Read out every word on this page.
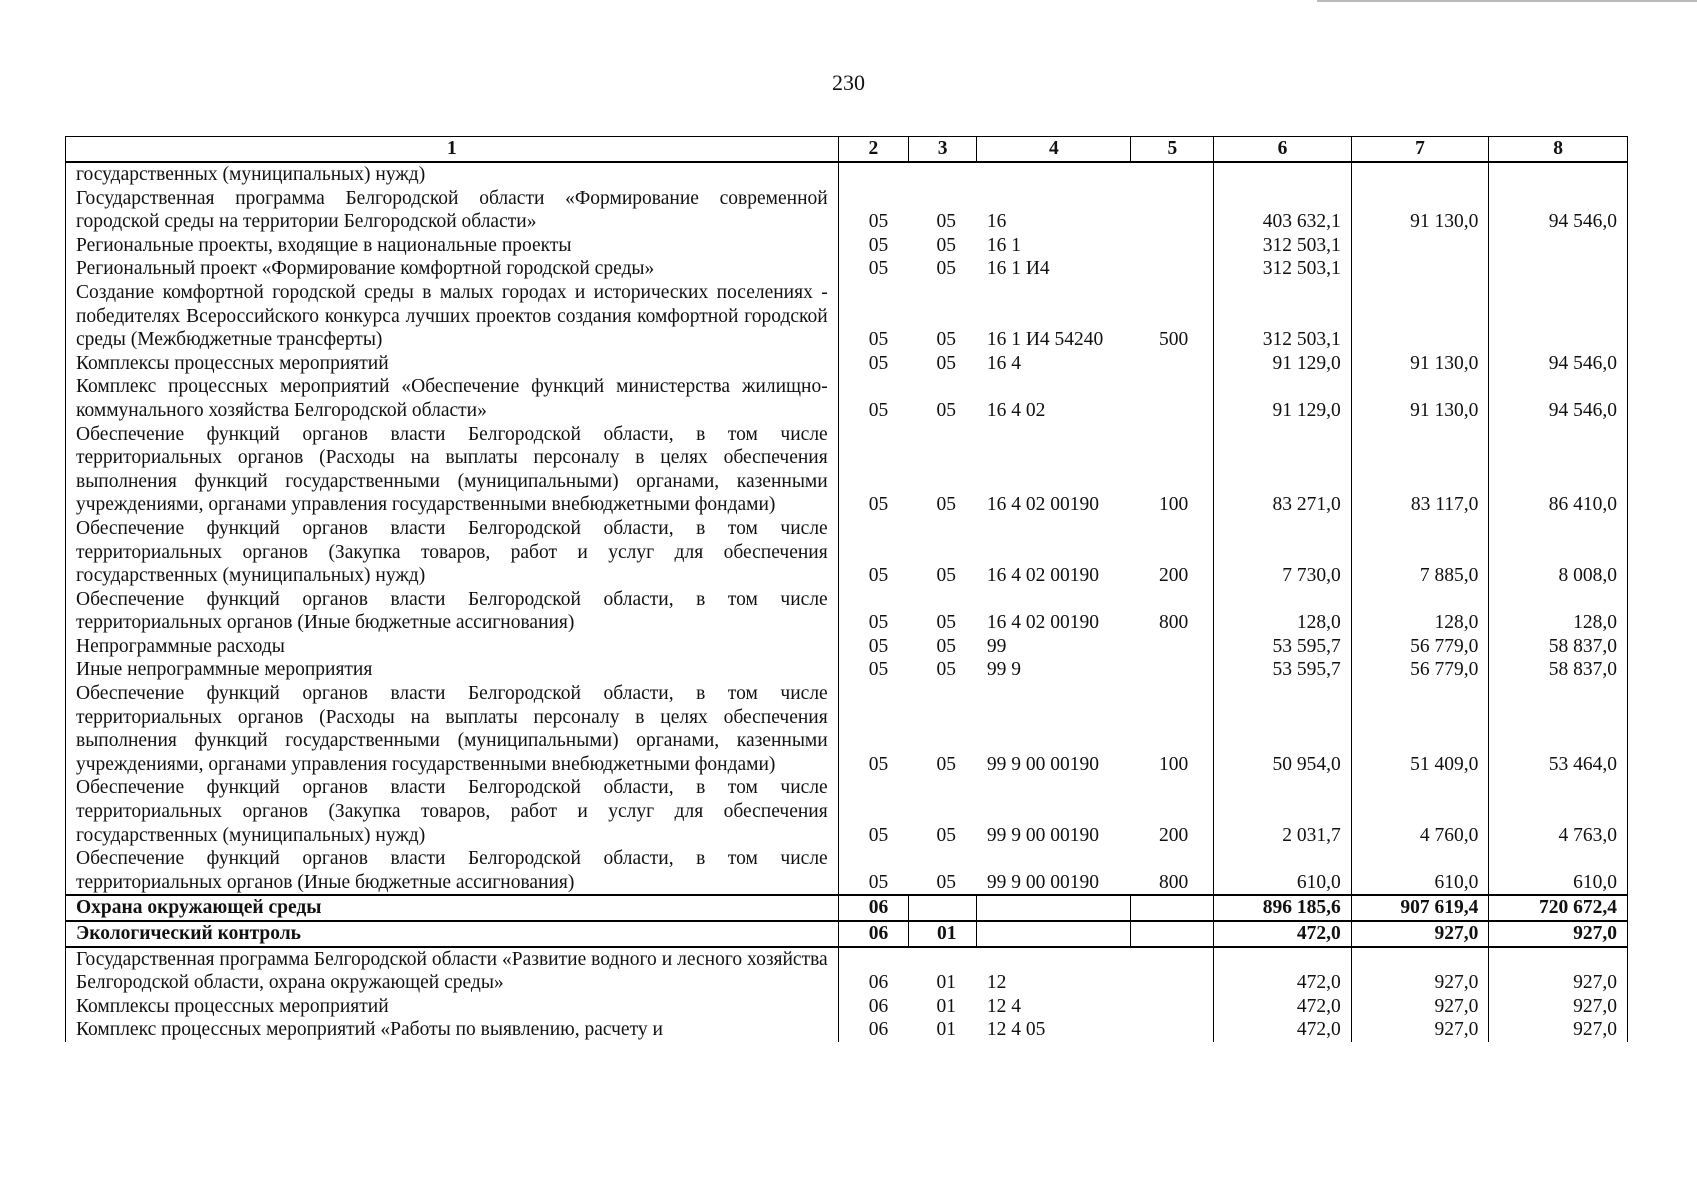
230
1	2	3	4	5	6	7	8
государственных (муниципальных) нужд)							
Государственная программа Белгородской области «Формирование современной городской среды на территории Белгородской области»	05	05	16		403 632,1	91 130,0	94 546,0
Региональные проекты, входящие в национальные проекты	05	05	16 1		312 503,1		
Региональный проект «Формирование комфортной городской среды»	05	05	16 1 И4		312 503,1		
Создание комфортной городской среды в малых городах и исторических поселениях - победителях Всероссийского конкурса лучших проектов создания комфортной городской среды (Межбюджетные трансферты)	05	05	16 1 И4 54240	500	312 503,1		
Комплексы процессных мероприятий	05	05	16 4		91 129,0	91 130,0	94 546,0
Комплекс процессных мероприятий «Обеспечение функций министерства жилищно-коммунального хозяйства Белгородской области»	05	05	16 4 02		91 129,0	91 130,0	94 546,0
Обеспечение функций органов власти Белгородской области, в том числе территориальных органов (Расходы на выплаты персоналу в целях обеспечения выполнения функций государственными (муниципальными) органами, казенными учреждениями, органами управления государственными внебюджетными фондами)	05	05	16 4 02 00190	100	83 271,0	83 117,0	86 410,0
Обеспечение функций органов власти Белгородской области, в том числе территориальных органов (Закупка товаров, работ и услуг для обеспечения государственных (муниципальных) нужд)	05	05	16 4 02 00190	200	7 730,0	7 885,0	8 008,0
Обеспечение функций органов власти Белгородской области, в том числе территориальных органов (Иные бюджетные ассигнования)	05	05	16 4 02 00190	800	128,0	128,0	128,0
Непрограммные расходы	05	05	99		53 595,7	56 779,0	58 837,0
Иные непрограммные мероприятия	05	05	99 9		53 595,7	56 779,0	58 837,0
Обеспечение функций органов власти Белгородской области, в том числе территориальных органов (Расходы на выплаты персоналу в целях обеспечения выполнения функций государственными (муниципальными) органами, казенными учреждениями, органами управления государственными внебюджетными фондами)	05	05	99 9 00 00190	100	50 954,0	51 409,0	53 464,0
Обеспечение функций органов власти Белгородской области, в том числе территориальных органов (Закупка товаров, работ и услуг для обеспечения государственных (муниципальных) нужд)	05	05	99 9 00 00190	200	2 031,7	4 760,0	4 763,0
Обеспечение функций органов власти Белгородской области, в том числе территориальных органов (Иные бюджетные ассигнования)	05	05	99 9 00 00190	800	610,0	610,0	610,0
Охрана окружающей среды	06				896 185,6	907 619,4	720 672,4
Экологический контроль	06	01			472,0	927,0	927,0
Государственная программа Белгородской области «Развитие водного и лесного хозяйства Белгородской области, охрана окружающей среды»	06	01	12		472,0	927,0	927,0
Комплексы процессных мероприятий	06	01	12 4		472,0	927,0	927,0
Комплекс процессных мероприятий «Работы по выявлению, расчету и	06	01	12 4 05		472,0	927,0	927,0
